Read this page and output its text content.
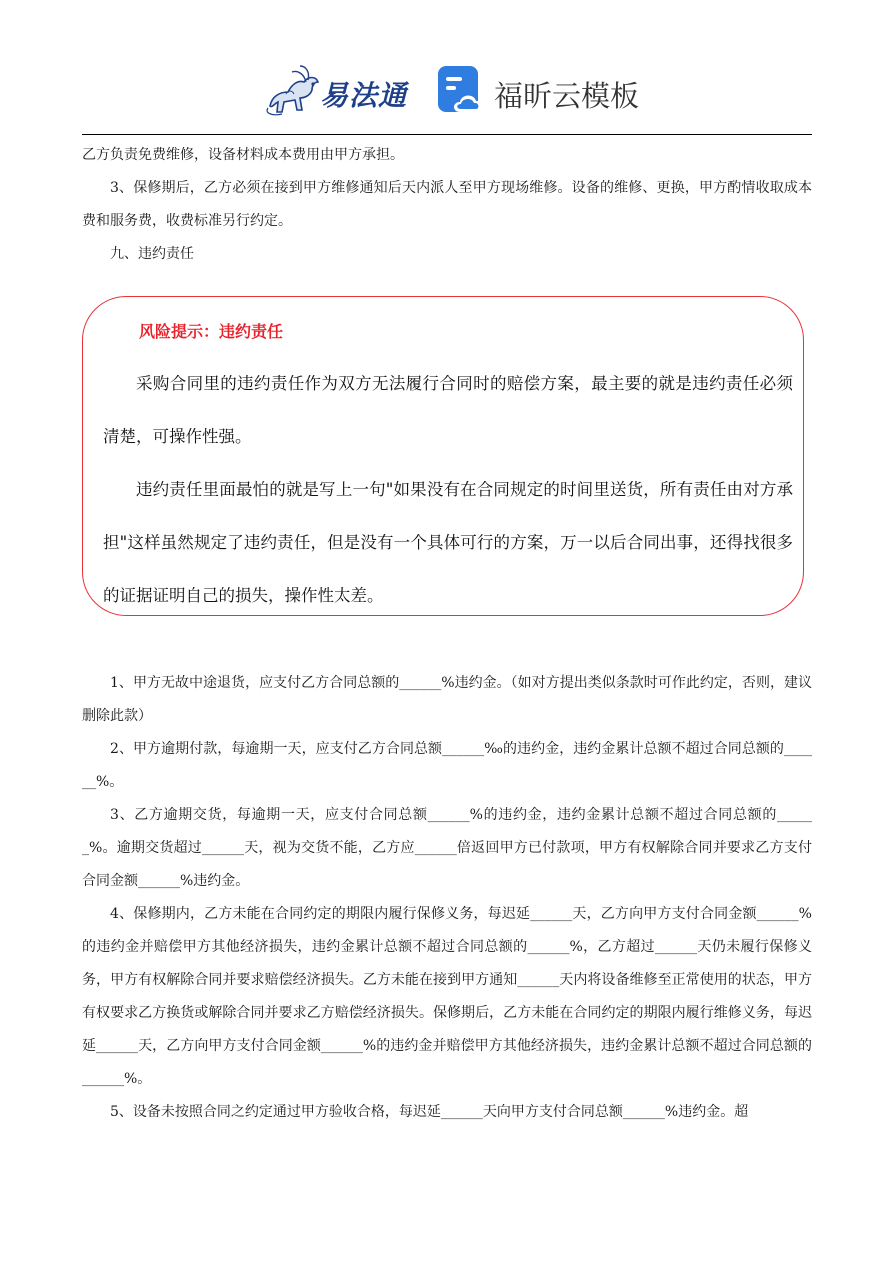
易法通	福昕云模板

乙方负责免费维修，设备材料成本费用由甲方承担。

3、保修期后，乙方必须在接到甲方维修通知后天内派人至甲方现场维修。设备的维修、更换，甲方酌情收取成本费和服务费，收费标准另行约定。

九、违约责任

风险提示：违约责任

采购合同里的违约责任作为双方无法履行合同时的赔偿方案，最主要的就是违约责任必须清楚，可操作性强。

违约责任里面最怕的就是写上一句"如果没有在合同规定的时间里送货，所有责任由对方承担"这样虽然规定了违约责任，但是没有一个具体可行的方案，万一以后合同出事，还得找很多的证据证明自己的损失，操作性太差。

1、甲方无故中途退货，应支付乙方合同总额的______%违约金。（如对方提出类似条款时可作此约定，否则，建议删除此款）

2、甲方逾期付款，每逾期一天，应支付乙方合同总额______‰的违约金，违约金累计总额不超过合同总额的______%。

3、乙方逾期交货，每逾期一天，应支付合同总额______%的违约金，违约金累计总额不超过合同总额的______%。逾期交货超过______天，视为交货不能，乙方应______倍返回甲方已付款项，甲方有权解除合同并要求乙方支付合同金额______%违约金。

4、保修期内，乙方未能在合同约定的期限内履行保修义务，每迟延______天，乙方向甲方支付合同金额______%的违约金并赔偿甲方其他经济损失，违约金累计总额不超过合同总额的______%，乙方超过______天仍未履行保修义务，甲方有权解除合同并要求赔偿经济损失。乙方未能在接到甲方通知______天内将设备维修至正常使用的状态，甲方有权要求乙方换货或解除合同并要求乙方赔偿经济损失。保修期后，乙方未能在合同约定的期限内履行维修义务，每迟延______天，乙方向甲方支付合同金额______%的违约金并赔偿甲方其他经济损失，违约金累计总额不超过合同总额的______%。

5、设备未按照合同之约定通过甲方验收合格，每迟延______天向甲方支付合同总额______%违约金。超
